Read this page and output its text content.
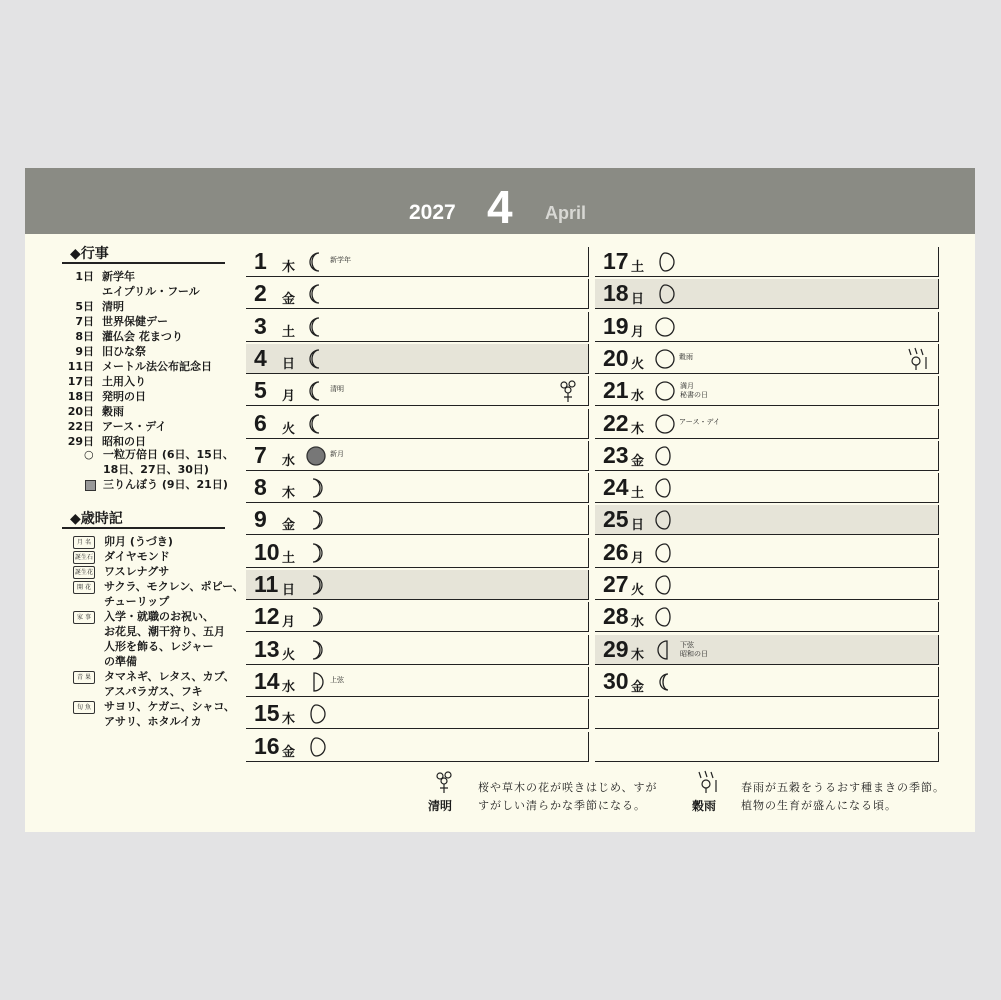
2027 4 April
◆行事
1日 新学年
エイプリル・フール
5日 清明
7日 世界保健デー
8日 灌仏会 花まつり
9日 旧ひな祭
11日 メートル法公布記念日
17日 土用入り
18日 発明の日
20日 穀雨
22日 アース・デイ
29日 昭和の日
○ 一粒万倍日 (6日、15日、
18日、27日、30日)
三りんぼう (9日、21日)
◆歳時記
月 名	卯月 (うづき)
誕生石 ダイヤモンド
誕生花 ワスレナグサ
開 花	サクラ、モクレン、ポピー、
チューリップ
家 事	入学・就職のお祝い、
お花見、潮干狩り、五月
人形を飾る、レジャー
の準備
青 果	タマネギ、レタス、カブ、
アスパラガス、フキ
旬 魚	サヨリ、ケガニ、シャコ、
アサリ、ホタルイカ
1 木	新学年
2 金
3 土
4 日
5 月	清明
6 火
7 水	新月
8 木
9 金
10 土
11 日
12 月
13 火
14 水	上弦
15 木
16 金
17 土
18 日
19 月
20 火	穀雨
21 水
満月
秘書の日
22 木	アース・デイ
23 金
24 土
25 日
26 月
27 火
28 水
29 木
下弦
昭和の日
30 金
清明
桜や草木の花が咲きはじめ、すが
すがしい清らかな季節になる。	穀雨
春雨が五穀をうるおす種まきの季節。
植物の生育が盛んになる頃。
